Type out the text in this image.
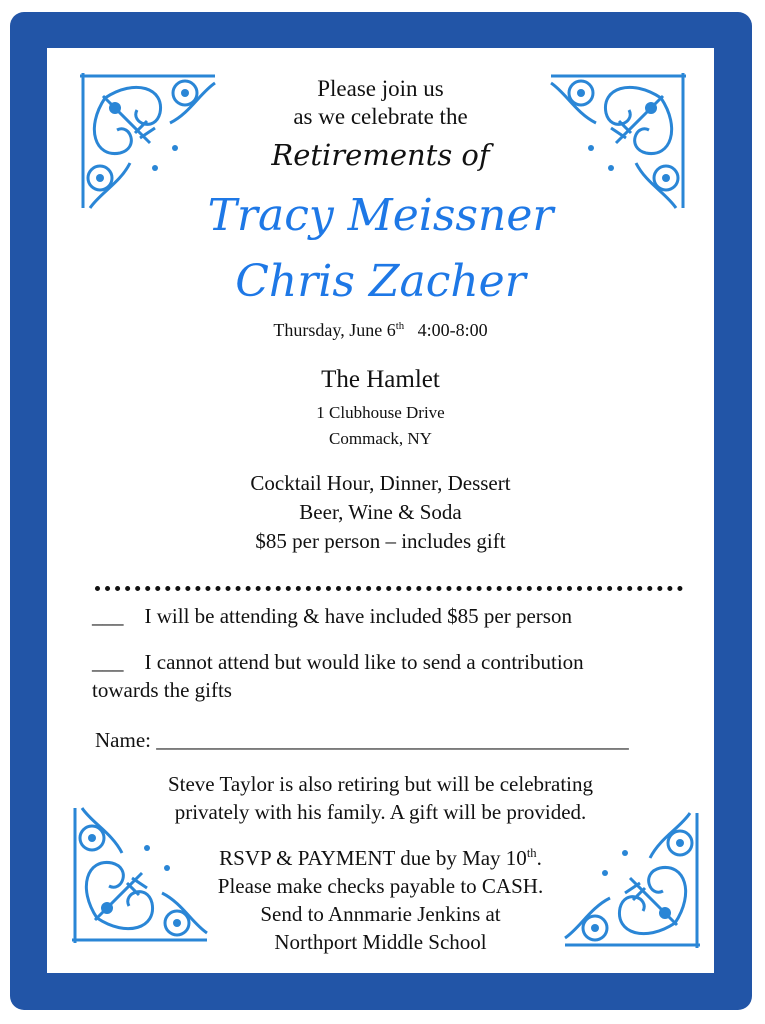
Please join us
as we celebrate the
Retirements of
Tracy Meissner
Chris Zacher
Thursday, June 6th 4:00-8:00
The Hamlet
1 Clubhouse Drive
Commack, NY
Cocktail Hour, Dinner, Dessert
Beer, Wine & Soda
$85 per person – includes gift
___ I will be attending & have included $85 per person
___ I cannot attend but would like to send a contribution
towards the gifts
Name: _____________________________________________
Steve Taylor is also retiring but will be celebrating
privately with his family. A gift will be provided.
RSVP & PAYMENT due by May 10th.
Please make checks payable to CASH.
Send to Annmarie Jenkins at
Northport Middle School
